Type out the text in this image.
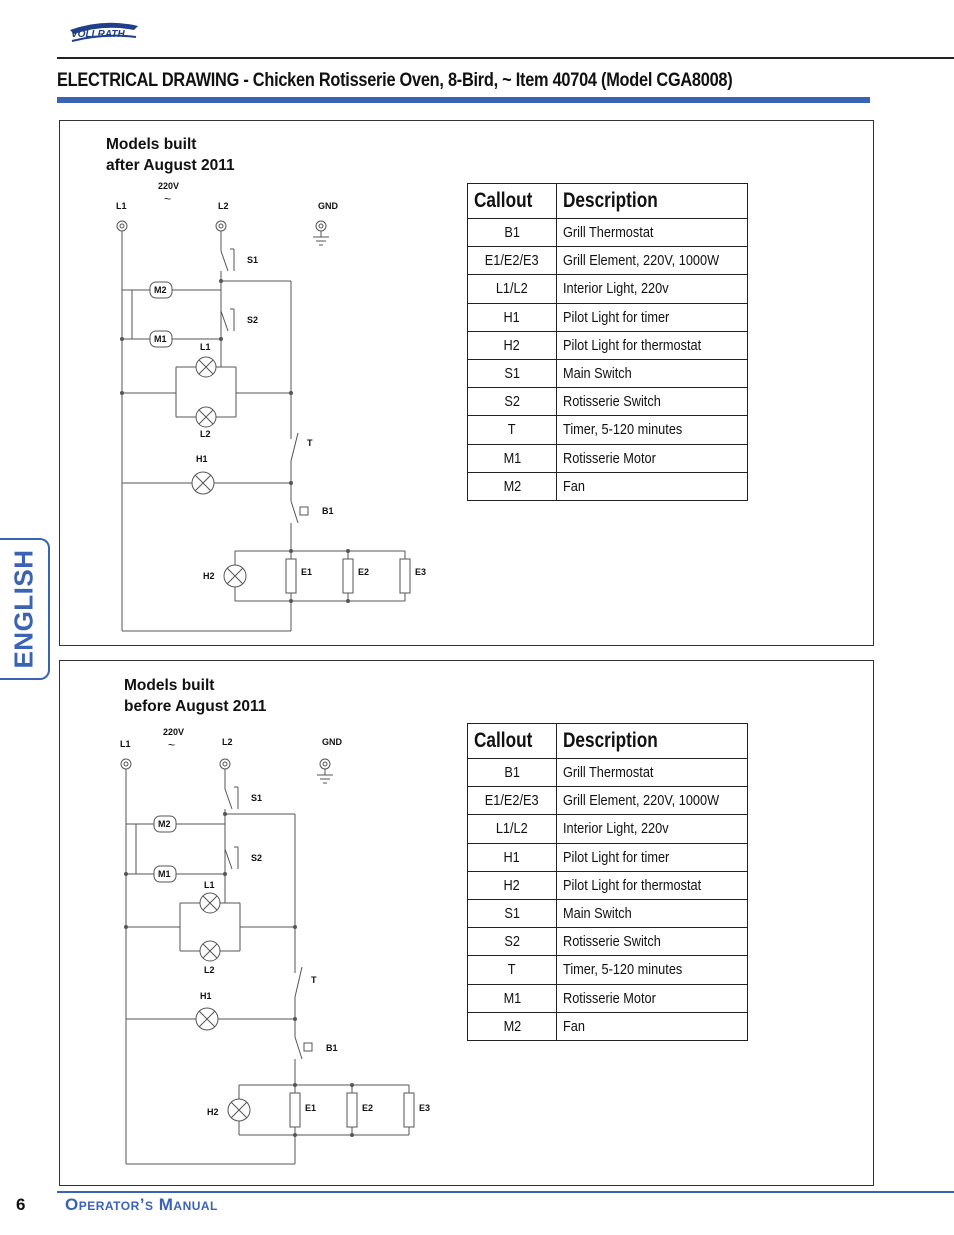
VOLLRATH
ELECTRICAL DRAWING - Chicken Rotisserie Oven, 8-Bird, ~ Item 40704 (Model CGA8008)
ENGLISH
Models built
after August 2011
M2
M1
L1	L2	GND
220V
~
S1
S2
L1
L2
T
H1
B1
H2	E1	E2	E3
Callout	Description
B1	Grill Thermostat
E1/E2/E3	Grill Element, 220V, 1000W
L1/L2	Interior Light, 220v
H1	Pilot Light for timer
H2	Pilot Light for thermostat
S1	Main Switch
S2	Rotisserie Switch
T	Timer, 5-120 minutes
M1	Rotisserie Motor
M2	Fan
Models built
before August 2011
M2
M1
L1	L2	GND
220V
~
S1
S2
L1
L2
T
H1
B1
H2	E1	E2	E3
Callout	Description
B1	Grill Thermostat
E1/E2/E3	Grill Element, 220V, 1000W
L1/L2	Interior Light, 220v
H1	Pilot Light for timer
H2	Pilot Light for thermostat
S1	Main Switch
S2	Rotisserie Switch
T	Timer, 5-120 minutes
M1	Rotisserie Motor
M2	Fan
6 Operator’s Manual
